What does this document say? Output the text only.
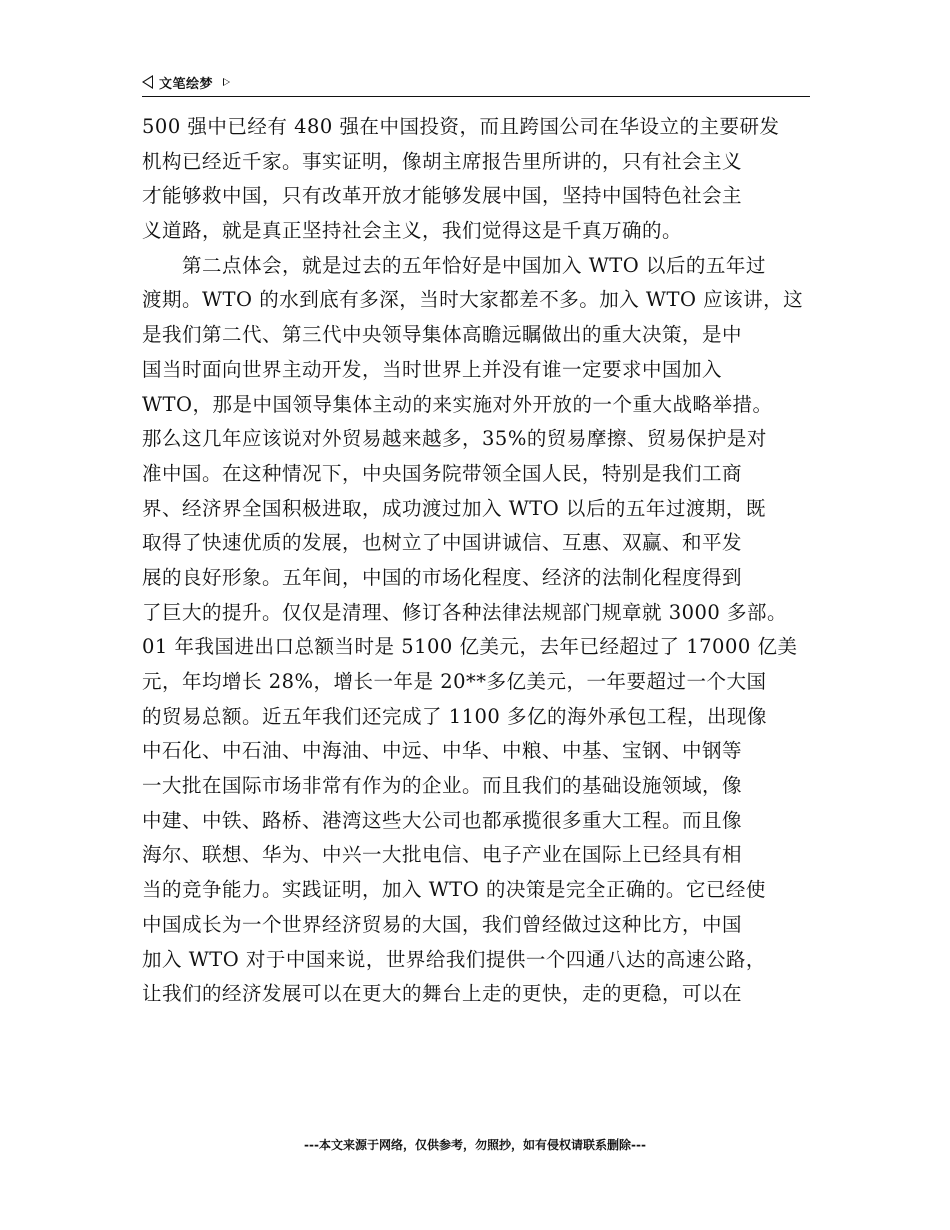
文笔绘梦
500 强中已经有 480 强在中国投资，而且跨国公司在华设立的主要研发
机构已经近千家。事实证明，像胡主席报告里所讲的，只有社会主义
才能够救中国，只有改革开放才能够发展中国，坚持中国特色社会主
义道路，就是真正坚持社会主义，我们觉得这是千真万确的。
　　第二点体会，就是过去的五年恰好是中国加入 WTO 以后的五年过
渡期。WTO 的水到底有多深，当时大家都差不多。加入 WTO 应该讲，这
是我们第二代、第三代中央领导集体高瞻远瞩做出的重大决策，是中
国当时面向世界主动开发，当时世界上并没有谁一定要求中国加入
WTO，那是中国领导集体主动的来实施对外开放的一个重大战略举措。
那么这几年应该说对外贸易越来越多，35%的贸易摩擦、贸易保护是对
准中国。在这种情况下，中央国务院带领全国人民，特别是我们工商
界、经济界全国积极进取，成功渡过加入 WTO 以后的五年过渡期，既
取得了快速优质的发展，也树立了中国讲诚信、互惠、双赢、和平发
展的良好形象。五年间，中国的市场化程度、经济的法制化程度得到
了巨大的提升。仅仅是清理、修订各种法律法规部门规章就 3000 多部。
01 年我国进出口总额当时是 5100 亿美元，去年已经超过了 17000 亿美
元，年均增长 28%，增长一年是 20**多亿美元，一年要超过一个大国
的贸易总额。近五年我们还完成了 1100 多亿的海外承包工程，出现像
中石化、中石油、中海油、中远、中华、中粮、中基、宝钢、中钢等
一大批在国际市场非常有作为的企业。而且我们的基础设施领域，像
中建、中铁、路桥、港湾这些大公司也都承揽很多重大工程。而且像
海尔、联想、华为、中兴一大批电信、电子产业在国际上已经具有相
当的竞争能力。实践证明，加入 WTO 的决策是完全正确的。它已经使
中国成长为一个世界经济贸易的大国，我们曾经做过这种比方，中国
加入 WTO 对于中国来说，世界给我们提供一个四通八达的高速公路，
让我们的经济发展可以在更大的舞台上走的更快，走的更稳，可以在
---本文来源于网络，仅供参考，勿照抄，如有侵权请联系删除---
